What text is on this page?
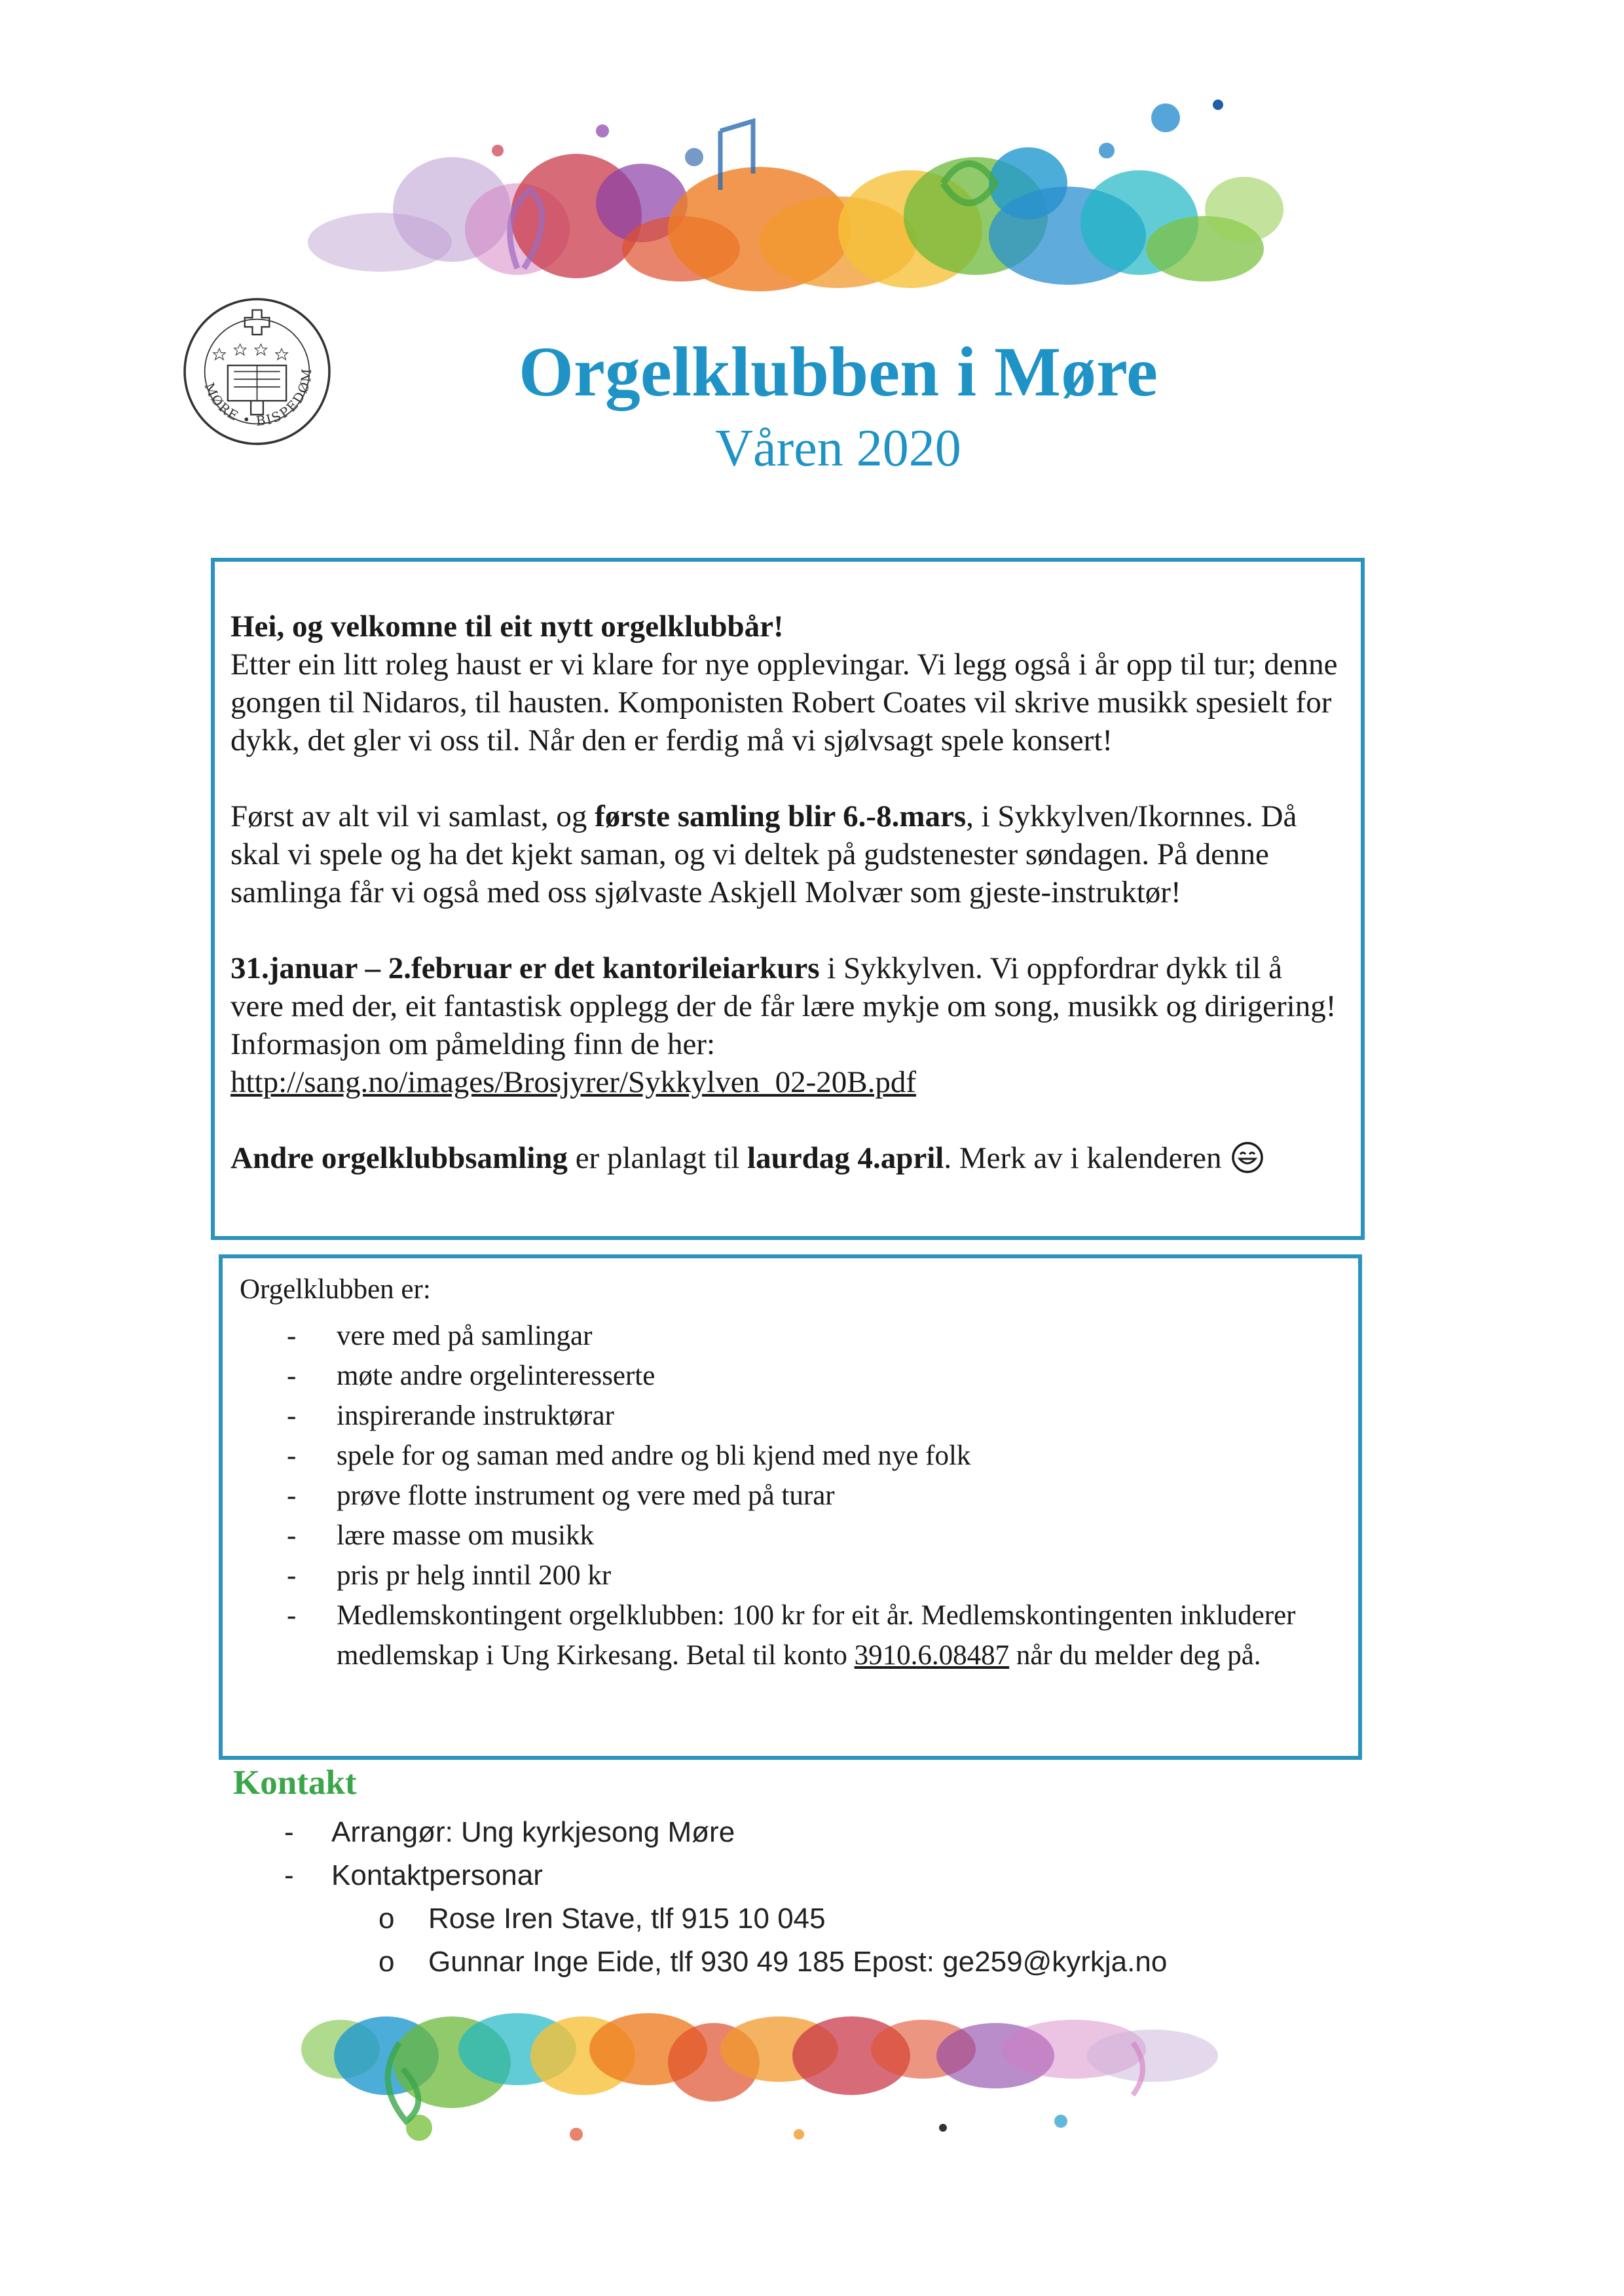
MØRE • BISPEDØM	Orgelklubben i Møre
Våren 2020
Hei, og velkomne til eit nytt orgelklubbår!
Etter ein litt roleg haust er vi klare for nye opplevingar. Vi legg også i år opp til tur; denne gongen til Nidaros, til hausten. Komponisten Robert Coates vil skrive musikk spesielt for dykk, det gler vi oss til. Når den er ferdig må vi sjølvsagt spele konsert!
Først av alt vil vi samlast, og første samling blir 6.-8.mars, i Sykkylven/Ikornnes. Då skal vi spele og ha det kjekt saman, og vi deltek på gudstenester søndagen. På denne samlinga får vi også med oss sjølvaste Askjell Molvær som gjeste-instruktør!
31.januar – 2.februar er det kantorileiarkurs i Sykkylven. Vi oppfordrar dykk til å vere med der, eit fantastisk opplegg der de får lære mykje om song, musikk og dirigering! Informasjon om påmelding finn de her:
http://sang.no/images/Brosjyrer/Sykkylven_02-20B.pdf
Andre orgelklubbsamling er planlagt til laurdag 4.april. Merk av i kalenderen
Orgelklubben er:
- vere med på samlingar
- møte andre orgelinteresserte
- inspirerande instruktørar
- spele for og saman med andre og bli kjend med nye folk
- prøve flotte instrument og vere med på turar
- lære masse om musikk
- pris pr helg inntil 200 kr
- Medlemskontingent orgelklubben: 100 kr for eit år. Medlemskontingenten inkluderer medlemskap i Ung Kirkesang. Betal til konto 3910.6.08487 når du melder deg på.
Kontakt
- Arrangør: Ung kyrkjesong Møre
- Kontaktpersonar
o Rose Iren Stave, tlf 915 10 045
o Gunnar Inge Eide, tlf 930 49 185 Epost: ge259@kyrkja.no
